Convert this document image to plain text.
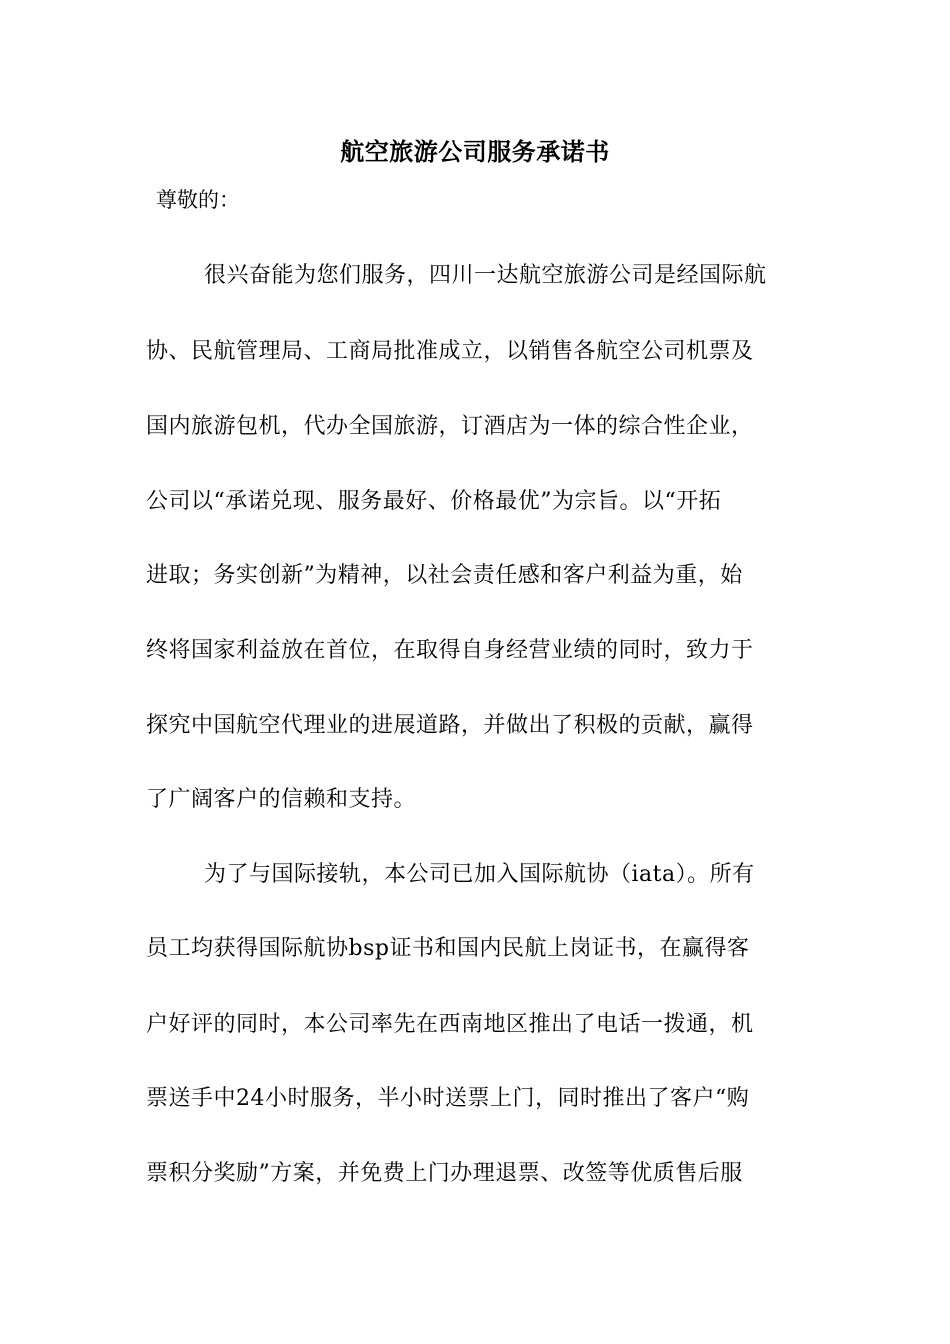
航空旅游公司服务承诺书

尊敬的：

很兴奋能为您们服务，四川一达航空旅游公司是经国际航

协、民航管理局、工商局批准成立，以销售各航空公司机票及

国内旅游包机，代办全国旅游，订酒店为一体的综合性企业，

公司以“承诺兑现、服务最好、价格最优”为宗旨。以“开拓

进取；务实创新”为精神，以社会责任感和客户利益为重，始

终将国家利益放在首位，在取得自身经营业绩的同时，致力于

探究中国航空代理业的进展道路，并做出了积极的贡献，赢得

了广阔客户的信赖和支持。

为了与国际接轨，本公司已加入国际航协（iata）。所有

员工均获得国际航协bsp证书和国内民航上岗证书，在赢得客

户好评的同时，本公司率先在西南地区推出了电话一拨通，机

票送手中24小时服务，半小时送票上门，同时推出了客户“购

票积分奖励”方案，并免费上门办理退票、改签等优质售后服
